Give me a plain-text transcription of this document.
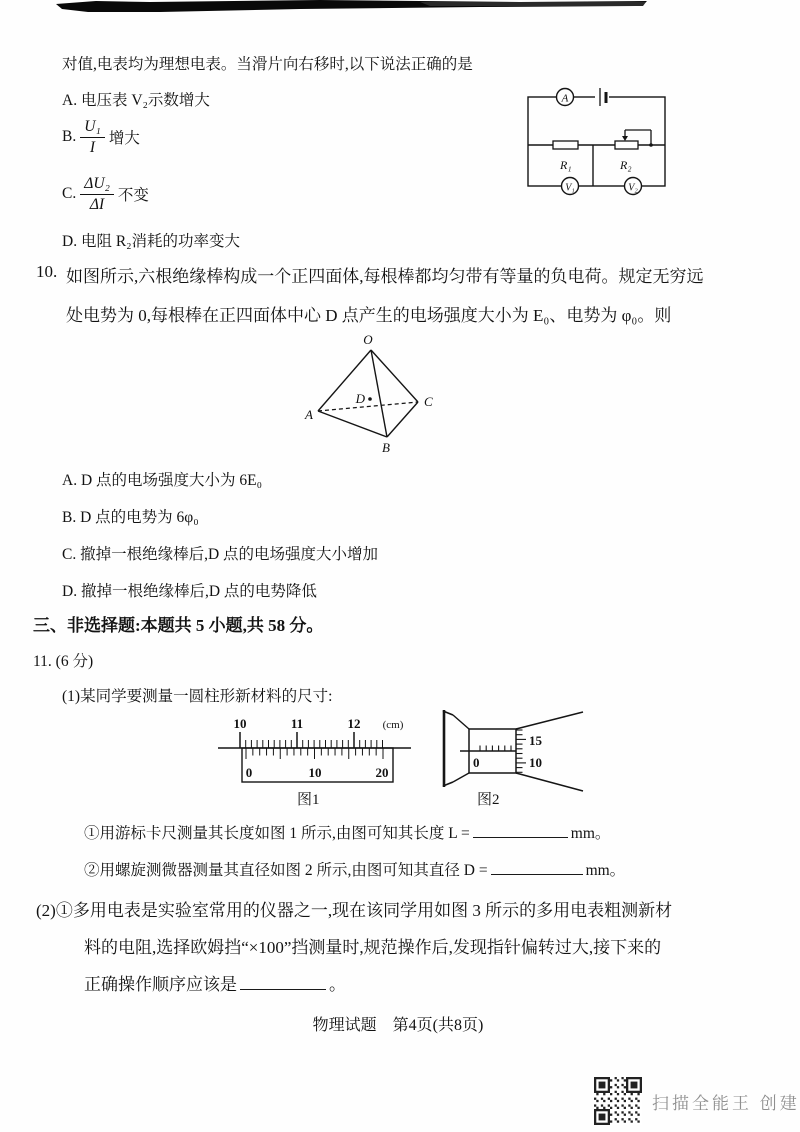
对值,电表均为理想电表。当滑片向右移时,以下说法正确的是
A. 电压表 V₂示数增大
B. $\frac{\text{U₁}}{I}$ 增大
C. $\frac{\text{ΔU₂}}{\Delta I}$ 不变
D. 电阻 R₂消耗的功率变大
A
R₁	R₂
V₁	V₂
10. 如图所示,六根绝缘棒构成一个正四面体,每根棒都均匀带有等量的负电荷。规定无穷远
处电势为 0,每根棒在正四面体中心 D 点产生的电场强度大小为 E₀、电势为 φ₀。则
O
A
B
C
D
A. D 点的电场强度大小为 6E₀
B. D 点的电势为 6φ₀
C. 撤掉一根绝缘棒后,D 点的电场强度大小增加
D. 撤掉一根绝缘棒后,D 点的电势降低
三、非选择题:本题共 5 小题,共 58 分。
11. (6 分)
(1)某同学要测量一圆柱形新材料的尺寸:
10	11	12 (cm)
0	10	20
图1
0
15
10
图2
①用游标卡尺测量其长度如图 1 所示,由图可知其长度 L =	mm。
②用螺旋测微器测量其直径如图 2 所示,由图可知其直径 D =	mm。
(2)①多用电表是实验室常用的仪器之一,现在该同学用如图 3 所示的多用电表粗测新材
料的电阻,选择欧姆挡“×100”挡测量时,规范操作后,发现指针偏转过大,接下来的
正确操作顺序应该是	。
物理试题　第4页(共8页)
扫描全能王 创建
